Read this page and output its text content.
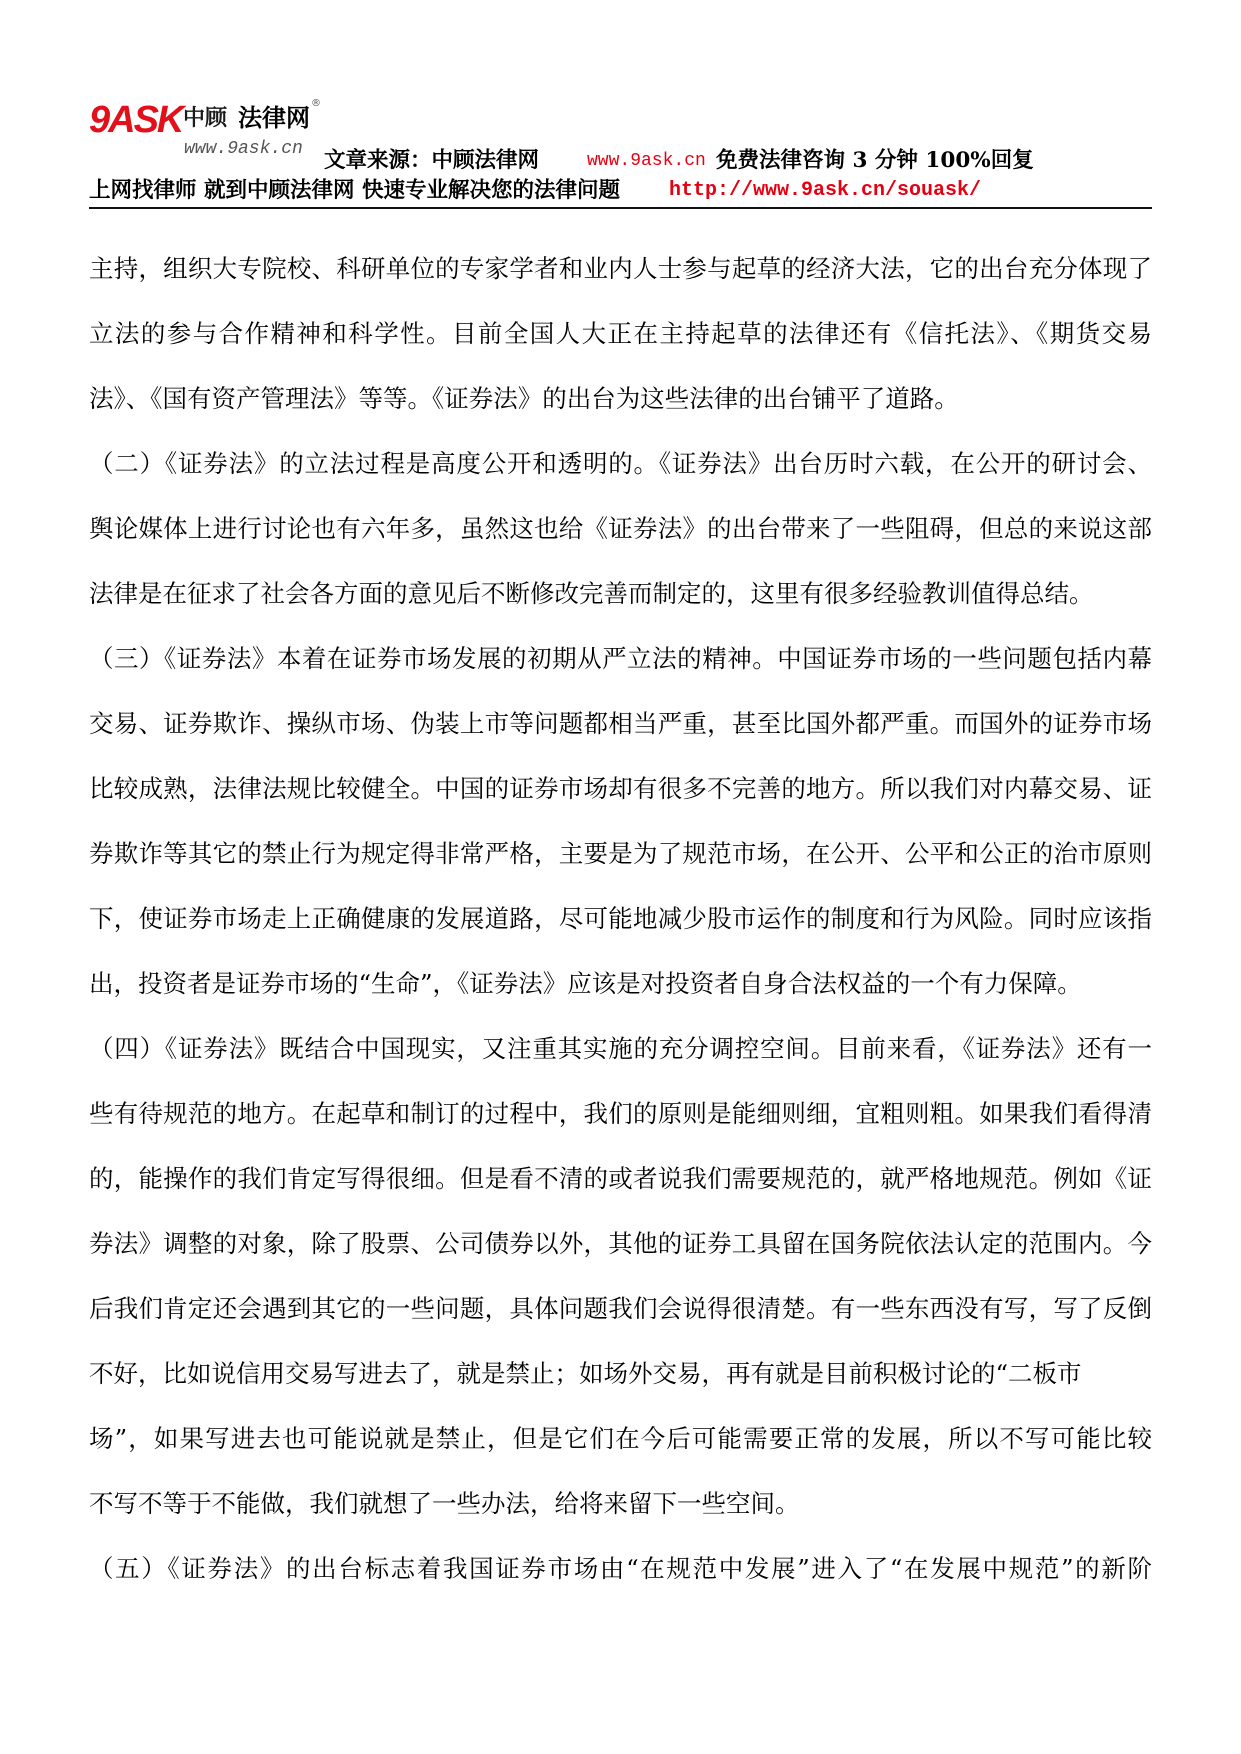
9ASK 中顾 法律网
®
www.9ask.cn 文章来源：中顾法律网	www.9ask.cn 免费法律咨询 3 分钟 100%回复
上网找律师 就到中顾法律网 快速专业解决您的法律问题 http://www.9ask.cn/souask/
主持，组织大专院校、科研单位的专家学者和业内人士参与起草的经济大法，它的出台充分体现了
立法的参与合作精神和科学性。目前全国人大正在主持起草的法律还有《信托法》、《期货交易
法》、《国有资产管理法》等等。《证券法》的出台为这些法律的出台铺平了道路。
（二）《证券法》的立法过程是高度公开和透明的。《证券法》出台历时六载，在公开的研讨会、
舆论媒体上进行讨论也有六年多，虽然这也给《证券法》的出台带来了一些阻碍，但总的来说这部
法律是在征求了社会各方面的意见后不断修改完善而制定的，这里有很多经验教训值得总结。
（三）《证券法》本着在证券市场发展的初期从严立法的精神。中国证券市场的一些问题包括内幕
交易、证券欺诈、操纵市场、伪装上市等问题都相当严重，甚至比国外都严重。而国外的证券市场
比较成熟，法律法规比较健全。中国的证券市场却有很多不完善的地方。所以我们对内幕交易、证
券欺诈等其它的禁止行为规定得非常严格，主要是为了规范市场，在公开、公平和公正的治市原则
下，使证券市场走上正确健康的发展道路，尽可能地减少股市运作的制度和行为风险。同时应该指
出，投资者是证券市场的“生命”，《证券法》应该是对投资者自身合法权益的一个有力保障。
（四）《证券法》既结合中国现实，又注重其实施的充分调控空间。目前来看，《证券法》还有一
些有待规范的地方。在起草和制订的过程中，我们的原则是能细则细，宜粗则粗。如果我们看得清
的，能操作的我们肯定写得很细。但是看不清的或者说我们需要规范的，就严格地规范。例如《证
券法》调整的对象，除了股票、公司债券以外，其他的证券工具留在国务院依法认定的范围内。今
后我们肯定还会遇到其它的一些问题，具体问题我们会说得很清楚。有一些东西没有写，写了反倒
不好，比如说信用交易写进去了，就是禁止；如场外交易，再有就是目前积极讨论的“二板市
场”，如果写进去也可能说就是禁止，但是它们在今后可能需要正常的发展，所以不写可能比较
不写不等于不能做，我们就想了一些办法，给将来留下一些空间。
（五）《证券法》的出台标志着我国证券市场由“在规范中发展”进入了“在发展中规范”的新阶
